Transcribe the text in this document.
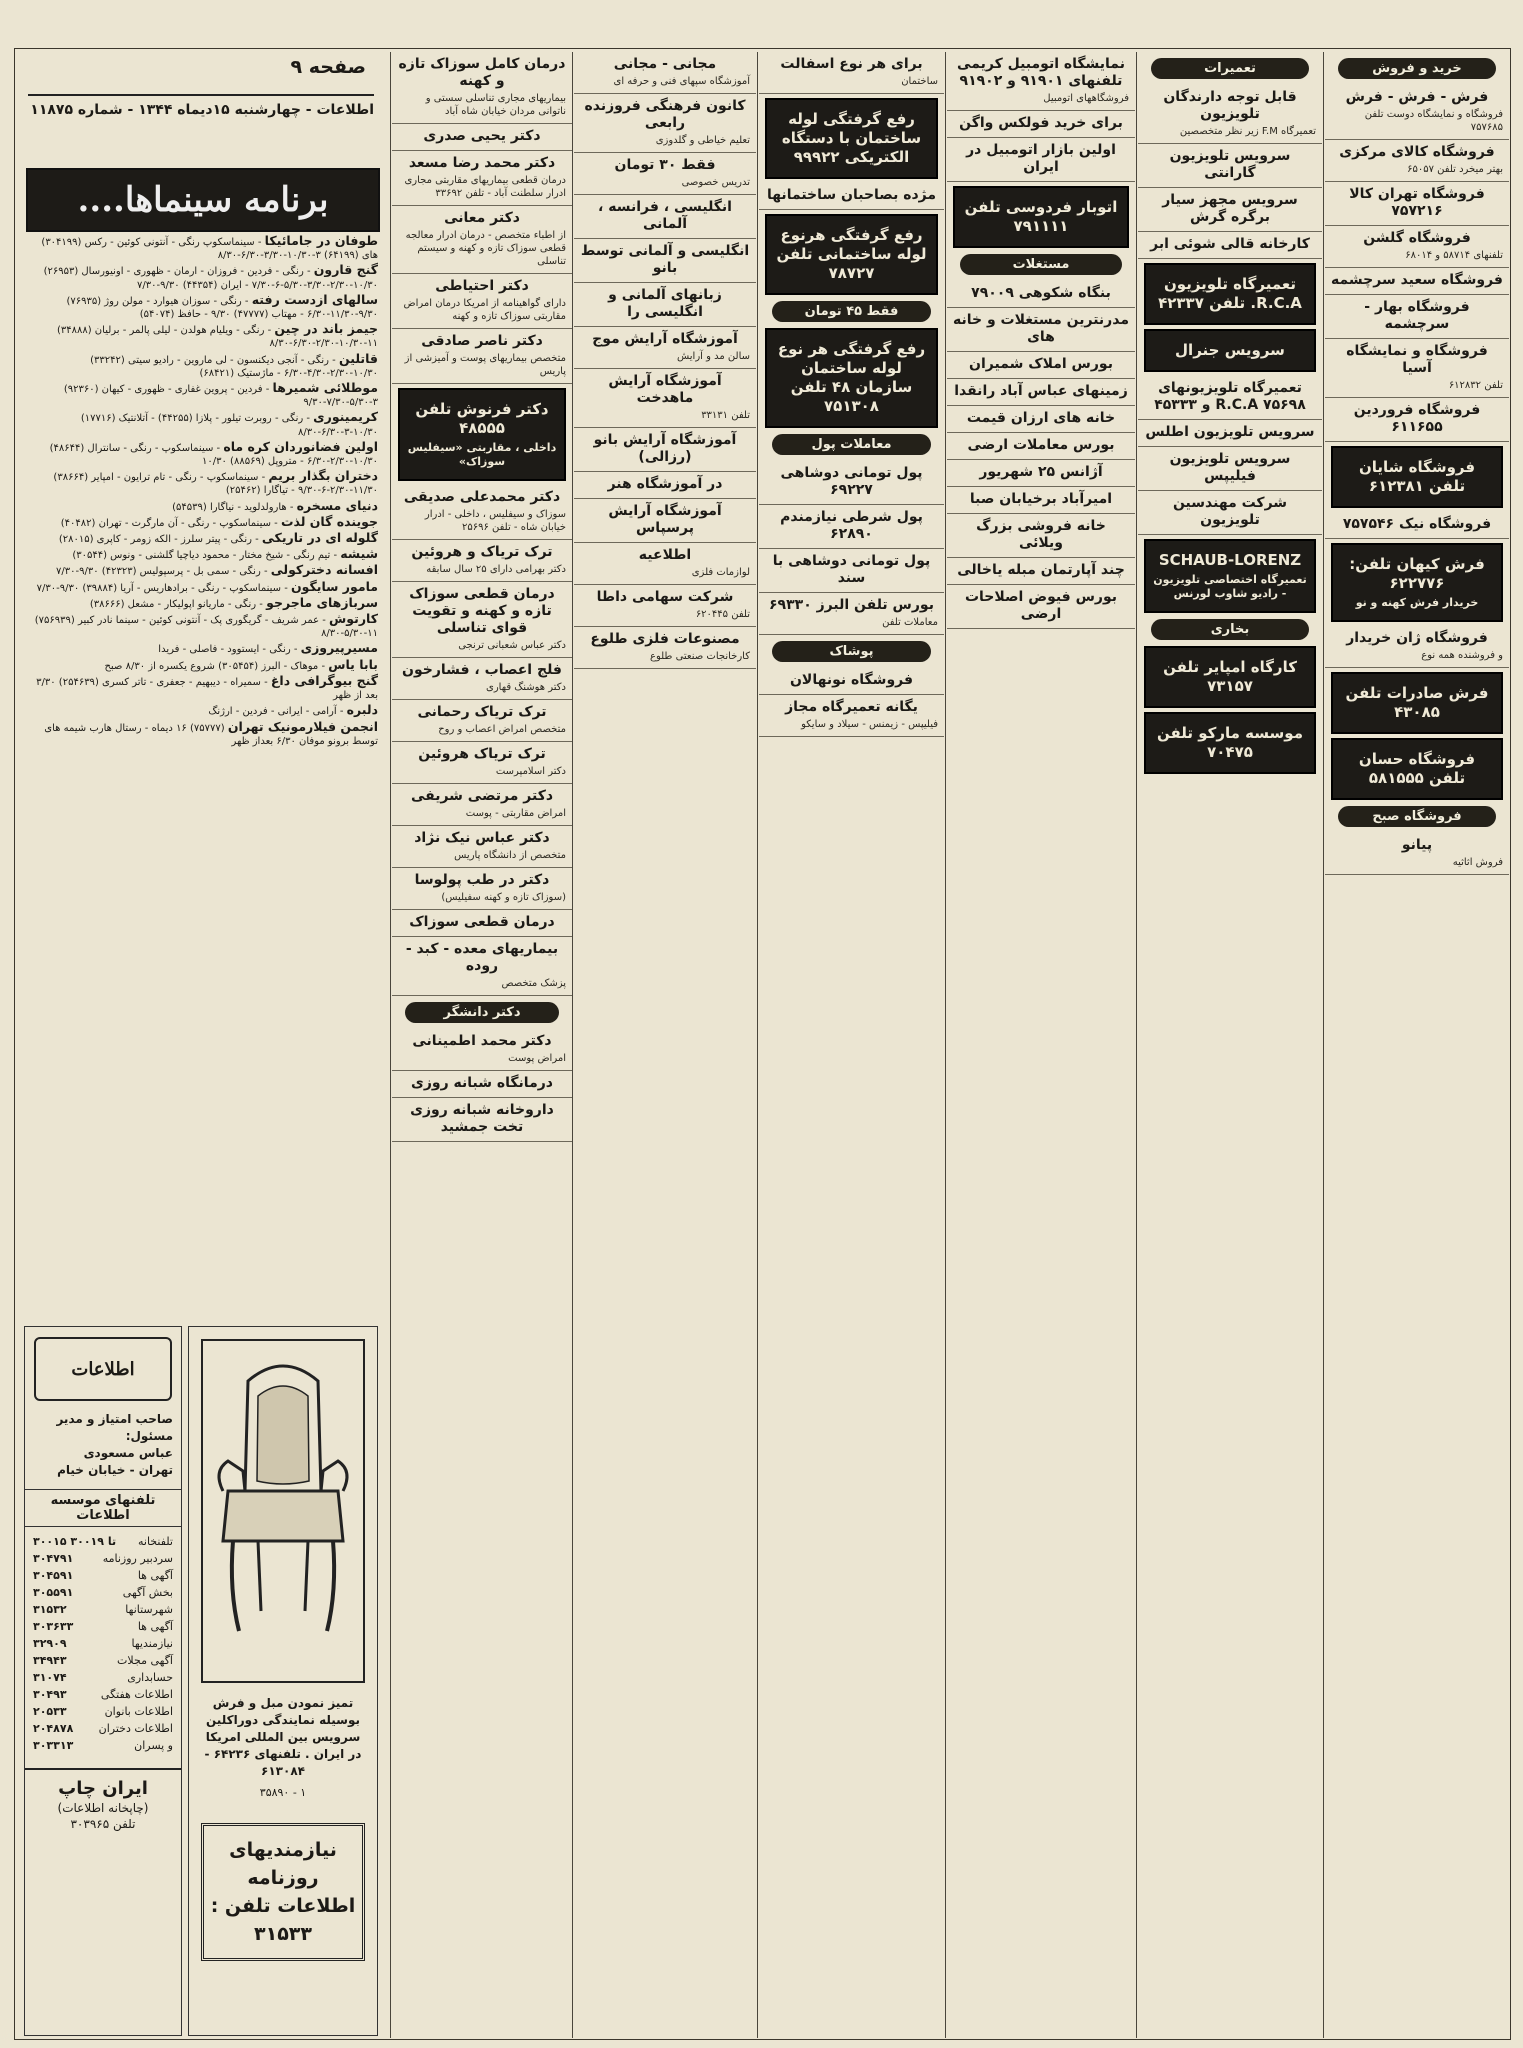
صفحه ۹
اطلاعات - چهارشنبه ۱۵دیماه ۱۳۴۴ - شماره ۱۱۸۷۵
برنامه سینماها....
طوفان در جامائیکا - سینماسکوپ رنگی - آنتونی کوئین - رکس (۳۰۴۱۹۹) های (۶۴۱۹۹) ۳-۱۰/۳۰-۳/۳۰-۶/۳۰-۸/۳۰
گنج قارون - رنگی - فردین - فروزان - ارمان - ظهوری - اونیورسال (۲۶۹۵۳) ۱۰/۳۰-۲/۳۰-۳/۳۰-۵/۳۰-۶-۷/۳۰ - ایران (۴۴۳۵۴) ۹/۳۰-۷/۳۰
سالهای ازدست رفته - رنگی - سوزان هیوارد - مولن روژ (۷۶۹۳۵) ۹/۳۰-۱۱/۳۰-۶/۳۰ - مهتاب (۴۷۷۷۷) ۹/۳۰ - حافظ (۵۴۰۷۴)
جیمز باند در چین - رنگی - ویلیام هولدن - لیلی پالمر - برلیان (۳۴۸۸۸) ۱۱-۱۰/۳۰-۲/۳۰-۶/۳۰-۸/۳۰
قاتلین - رنگی - آنجی دیکنسون - لی ماروین - رادیو سیتی (۳۳۲۴۲) ۱۰/۳۰-۲/۳۰-۴/۳۰-۶/۳۰ - ماژستیک (۶۸۴۲۱)
موطلائی شمیرها - فردین - پروین غفاری - ظهوری - کیهان (۹۲۳۶۰) ۳-۵/۳۰-۷/۳۰-۹/۳۰
کریمینوری - رنگی - روبرت تیلور - پلازا (۴۴۲۵۵) - آتلانتیک (۱۷۷۱۶) ۱۰/۳۰-۳-۶/۳۰-۸/۳۰
اولین فضانوردان کره ماه - سینماسکوپ - رنگی - سانترال (۴۸۶۴۴) ۱۰/۳۰-۲/۳۰-۶/۳۰ - متروپل (۸۸۵۶۹) ۱۰/۳۰
دختران بگذار بریم - سینماسکوپ - رنگی - تام ترایون - امپایر (۳۸۶۶۴) ۱۱/۳۰-۲/۳۰-۶-۹/۳۰ - تیاگارا (۲۵۴۶۲)
دنیای مسخره - هارولدلوید - نیاگارا (۵۴۵۳۹)
جوینده گان لذت - سینماسکوپ - رنگی - آن مارگرت - تهران (۴۰۴۸۲)
گلوله ای در تاریکی - رنگی - پیتر سلرز - الکه زومر - کاپری (۲۸۰۱۵)
شیشه - تیم رنگی - شیخ مختار - محمود دیاچیا گلشنی - ونوس (۳۰۵۴۴)
افسانه دخترکولی - رنگی - سمی بل - پرسپولیس (۴۲۳۲۳) ۹/۳۰-۷/۳۰
مامور سایگون - سینماسکوپ - رنگی - برادهاریس - آریا (۳۹۸۸۴) ۹/۳۰-۷/۳۰
سربازهای ماجرجو - رنگی - ماریانو اپولیکار - مشعل (۳۸۶۶۶)
کارتوش - عمر شریف - گریگوری پک - آنتونی کوئین - سینما نادر کبیر (۷۵۶۹۳۹) ۱۱-۵/۳۰-۸/۳۰
مسیرپیروزی - رنگی - ایستوود - فاصلی - فریدا
بابا یاس - موهاک - البرز (۳۰۵۴۵۴) شروع یکسره از ۸/۳۰ صبح
گنج بیوگرافی داغ - سمیراه - دیبهیم - جعفری - تاتر کسری (۲۵۴۶۳۹) ۳/۳۰ بعد از ظهر
دلبره - آرامی - ایرانی - فردین - ارژنگ
انجمن فیلارمونیک تهران (۷۵۷۷۷) ۱۶ دیماه - رستال هارب شیمه های توسط برونو موفان ۶/۳۰ بعداز ظهر
اطلاعات
صاحب امتیاز و مدیر مسئول:
عباس مسعودی
تهران - خیابان خیام
تلفنهای موسسه اطلاعات
تلفنخانه
۳۰۰۱۵ تا ۳۰۰۱۹
سردبیر روزنامه
۳۰۴۷۹۱
آگهی ها
۳۰۴۵۹۱
بخش آگهی
۳۰۵۵۹۱
شهرستانها
۳۱۵۳۲
آگهی ها
۳۰۳۶۳۳
نیازمندیها
۳۲۹۰۹
آگهی مجلات
۳۴۹۴۳
حسابداری
۳۱۰۷۴
اطلاعات هفتگی
۳۰۴۹۳
اطلاعات بانوان
۲۰۵۳۳
اطلاعات دختران
۲۰۴۸۷۸
و پسران
۳۰۳۳۱۳
ایران چاپ
(چاپخانه اطلاعات)
تلفن ۳۰۳۹۶۵
تمیز نمودن مبل و فرش بوسیله نمایندگی دوراکلین سرویس بین المللی امریکا در ایران . تلفنهای ۶۴۲۳۶ - ۶۱۳۰۸۴
۱ - ۳۵۸۹۰
نیازمندیهای روزنامه اطلاعات تلفن : ۳۱۵۳۳
درمان کامل سوزاک تازه و کهنه
بیماریهای مجاری تناسلی سستی و ناتوانی مردان خیابان شاه آباد
دکتر یحیی صدری
دکتر محمد رضا مسعد
درمان قطعی بیماریهای مقاربتی مجاری ادرار سلطنت آباد - تلفن ۳۳۶۹۲
دکتر معانی
از اطباء متخصص - درمان ادرار معالجه قطعی سوزاک تازه و کهنه و سیستم تناسلی
دکتر احتیاطی
دارای گواهینامه از امریکا درمان امراض مقاربتی سوزاک تازه و کهنه
دکتر ناصر صادقی
متخصص بیماریهای پوست و آمیزشی از پاریس
دکتر فرنوش تلفن ۴۸۵۵۵
داخلی ، مقاربتی «سیفلیس سوزاک»
دکتر محمدعلی صدیقی
سوزاک و سیفلیس ، داخلی - ادرار خیابان شاه - تلفن ۲۵۶۹۶
ترک تریاک و هروئین
دکتر بهرامی دارای ۲۵ سال سابقه
درمان قطعی سوزاک تازه و کهنه و تقویت قوای تناسلی
دکتر عباس شعبانی ترنجی
فلج اعصاب ، فشارخون
دکتر هوشنگ قهاری
ترک تریاک رحمانی
متخصص امراض اعصاب و روح
ترک تریاک هروئین
دکتر اسلامپرست
دکتر مرتضی شریفی
امراض مقاربتی - پوست
دکتر عباس نیک نژاد
متخصص از دانشگاه پاریس
دکتر در طب پولوسا
(سوزاک تازه و کهنه سفیلیس)
درمان قطعی سوزاک
بیماریهای معده - کبد - روده
پزشک متخصص
دکتر دانشگر
دکتر محمد اطمینانی
امراض پوست
درمانگاه شبانه روزی
داروخانه شبانه روزی تخت جمشید
مجانی - مجانی
آموزشگاه سپهای فنی و حرفه ای
کانون فرهنگی فروزنده رابعی
تعلیم خیاطی و گلدوزی
فقط ۳۰ تومان
تدریس خصوصی
انگلیسی ، فرانسه ، آلمانی
انگلیسی و آلمانی توسط بانو
زبانهای آلمانی و انگلیسی را
آموزشگاه آرایش موج
سالن مد و آرایش
آموزشگاه آرایش ماهدخت
تلفن ۳۳۱۳۱
آموزشگاه آرایش بانو (رزالی)
در آموزشگاه هنر
آموزشگاه آرایش پرسپاس
اطلاعیه
لوازمات فلزی
شرکت سهامی داطا
تلفن ۶۲۰۴۴۵
مصنوعات فلزی طلوع
کارخانجات صنعتی طلوع
برای هر نوع اسفالت
ساختمان
رفع گرفتگی لوله ساختمان با دستگاه الکتریکی ۹۹۹۲۲
مژده بصاحبان ساختمانها
رفع گرفتگی هرنوع لوله ساختمانی تلفن ۷۸۷۲۷
فقط ۴۵ تومان
رفع گرفتگی هر نوع لوله ساختمان سازمان ۴۸ تلفن ۷۵۱۳۰۸
معاملات پول
پول تومانی دوشاهی ۶۹۲۲۷
پول شرطی نیازمندم ۶۲۸۹۰
پول تومانی دوشاهی با سند
بورس تلفن البرز ۶۹۳۳۰
معاملات تلفن
پوشاک
فروشگاه نونهالان
یگانه تعمیرگاه مجاز
فیلیپس - زیمنس - سیلاد و سایکو
نمایشگاه اتومبیل کریمی تلفنهای ۹۱۹۰۱ و ۹۱۹۰۲
فروشگاههای اتومبیل
برای خرید فولکس واگن
اولین بازار اتومبیل در ایران
اتوبار فردوسی تلفن ۷۹۱۱۱۱
مستغلات
بنگاه شکوهی ۷۹۰۰۹
مدرنترین مستغلات و خانه های
بورس املاک شمیران
زمینهای عباس آباد رانقدا
خانه های ارزان قیمت
بورس معاملات ارضی
آژانس ۲۵ شهریور
امیرآباد برخیابان صبا
خانه فروشی بزرگ ویلائی
چند آپارتمان مبله یاخالی
بورس فیوض اصلاحات ارضی
تعمیرات
قابل توجه دارندگان تلویزیون
تعمیرگاه F.M زیر نظر متخصصین
سرویس تلویزیون گارانتی
سرویس مجهز سیار برگره گرش
کارخانه قالی شوئی ابر
تعمیرگاه تلویزیون R.C.A. تلفن ۴۲۳۳۷
سرویس جنرال
تعمیرگاه تلویزیونهای R.C.A ۷۵۶۹۸ و ۴۵۳۳۳
سرویس تلویزیون اطلس
سرویس تلویزیون فیلیپس
شرکت مهندسین تلویزیون
SCHAUB-LORENZ
تعمیرگاه اختصاصی تلویزیون - رادیو شاوب لورنس
بخاری
کارگاه امپایر تلفن ۷۳۱۵۷
موسسه مارکو تلفن ۷۰۴۷۵
خرید و فروش
فرش - فرش - فرش
فروشگاه و نمایشگاه دوست تلفن ۷۵۷۶۸۵
فروشگاه کالای مرکزی
بهتر میخرد تلفن ۶۵۰۵۷
فروشگاه تهران کالا ۷۵۷۲۱۶
فروشگاه گلشن
تلفنهای ۵۸۷۱۴ و ۶۸۰۱۴
فروشگاه سعید سرچشمه
فروشگاه بهار - سرچشمه
فروشگاه و نمایشگاه آسیا
تلفن ۶۱۲۸۳۲
فروشگاه فروردین ۶۱۱۶۵۵
فروشگاه شایان تلفن ۶۱۲۳۸۱
فروشگاه نیک ۷۵۷۵۴۶
فرش کیهان تلفن: ۶۲۲۷۷۶
خریدار فرش کهنه و نو
فروشگاه ژان خریدار
و فروشنده همه نوع
فرش صادرات تلفن ۴۳۰۸۵
فروشگاه حسان تلفن ۵۸۱۵۵۵
فروشگاه صبح
پیانو
فروش اثاثیه
